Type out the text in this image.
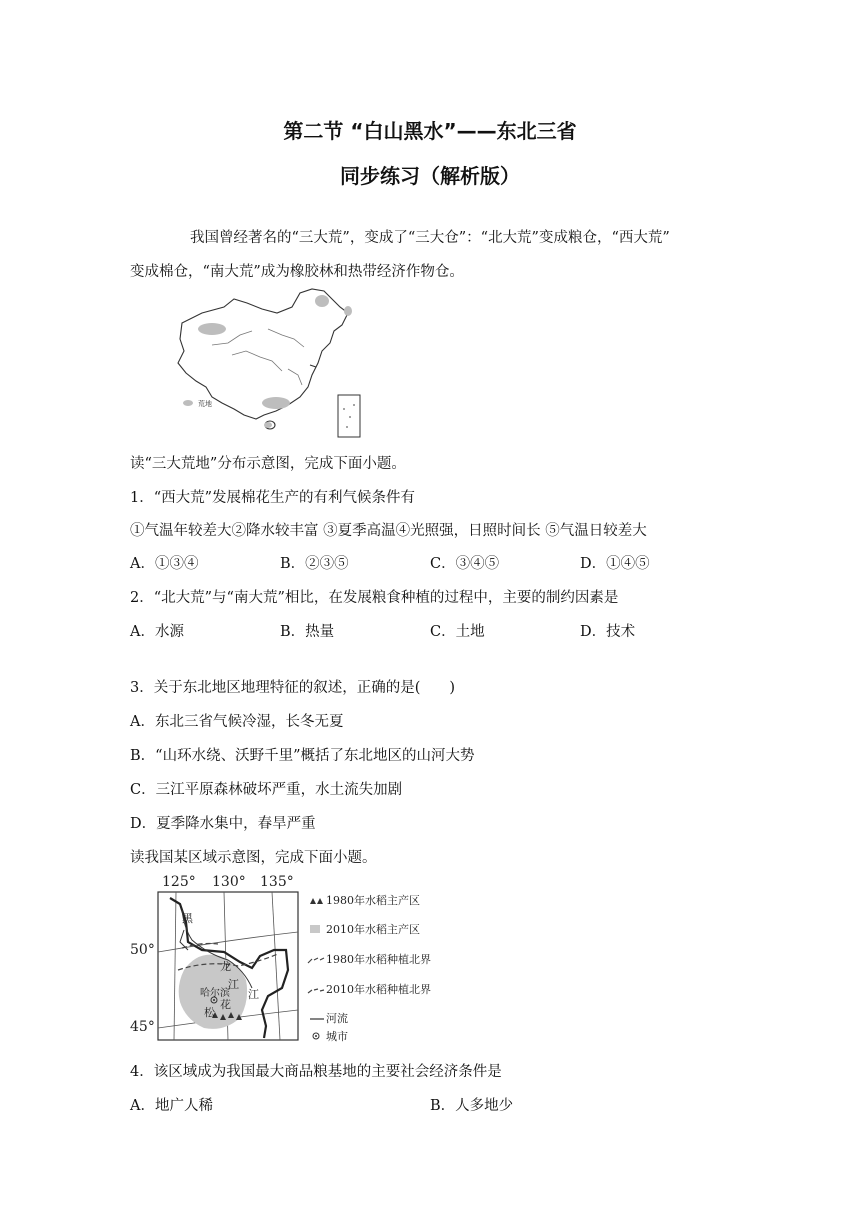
第二节 “白山黑水”——东北三省
同步练习（解析版）
我国曾经著名的“三大荒”，变成了“三大仓”：“北大荒”变成粮仓，“西大荒”
变成棉仓，“南大荒”成为橡胶林和热带经济作物仓。
荒地
读“三大荒地”分布示意图，完成下面小题。
1．“西大荒”发展棉花生产的有利气候条件有
①气温年较差大②降水较丰富 ③夏季高温④光照强，日照时间长 ⑤气温日较差大
A．①③④	B．②③⑤	C．③④⑤	D．①④⑤
2．“北大荒”与“南大荒”相比，在发展粮食种植的过程中，主要的制约因素是
A．水源	B．热量	C．土地	D．技术
3．关于东北地区地理特征的叙述，正确的是(　　)
A．东北三省气候冷湿，长冬无夏
B．“山环水绕、沃野千里”概括了东北地区的山河大势
C．三江平原森林破坏严重，水土流失加剧
D．夏季降水集中，春旱严重
读我国某区域示意图，完成下面小题。
125° 130° 135°
50°
45°
黑
龙
江
哈尔滨
花
松
江
1980年水稻主产区
2010年水稻主产区
1980年水稻种植北界
2010年水稻种植北界
河流
城市
4．该区域成为我国最大商品粮基地的主要社会经济条件是
A．地广人稀	B．人多地少
